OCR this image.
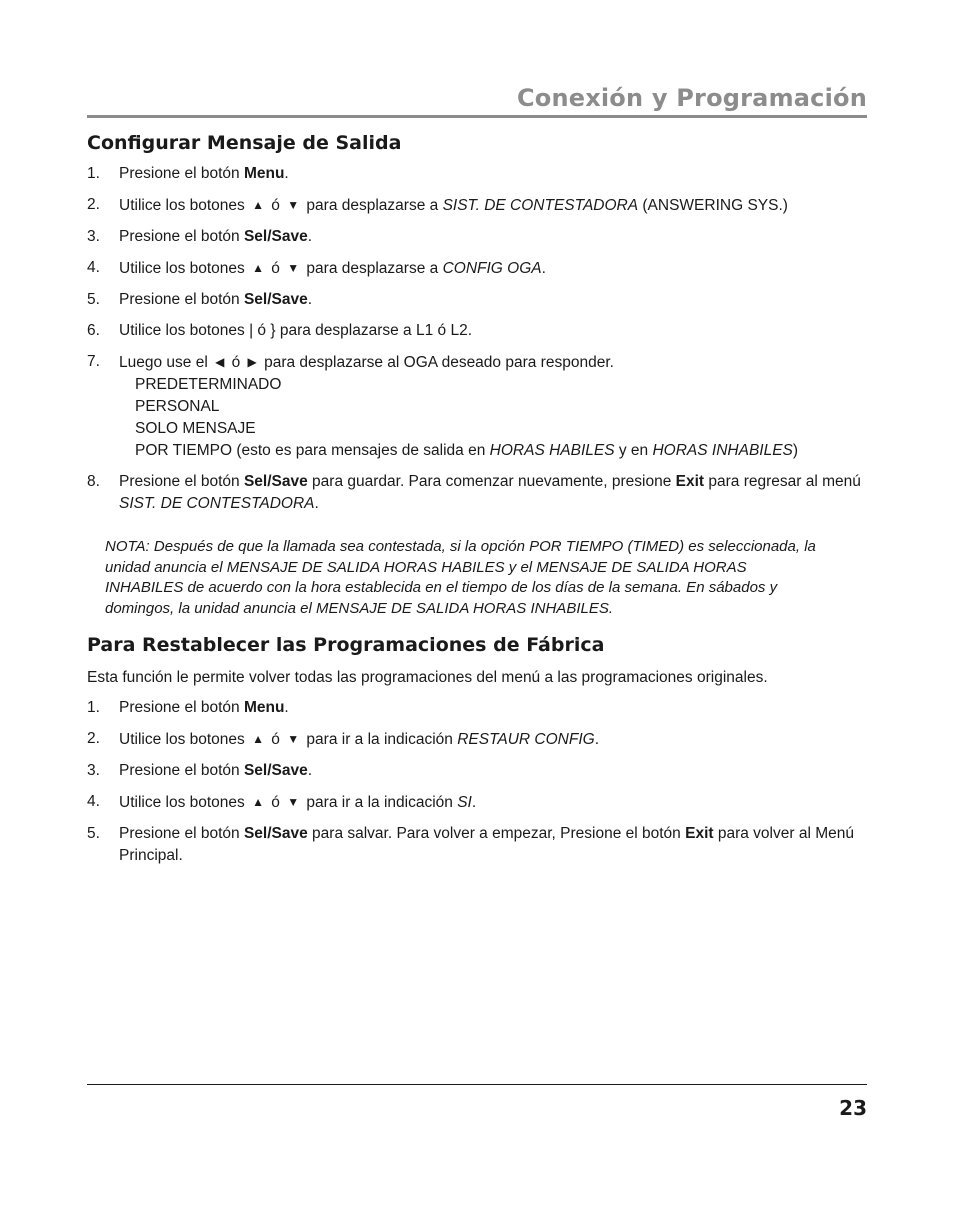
Conexión y Programación
Configurar Mensaje de Salida
1. Presione el botón Menu.
2. Utilice los botones ▲ ó ▼ para desplazarse a SIST. DE CONTESTADORA (ANSWERING SYS.)
3. Presione el botón Sel/Save.
4. Utilice los botones ▲ ó ▼ para desplazarse a CONFIG OGA.
5. Presione el botón Sel/Save.
6. Utilice los botones | ó } para desplazarse a L1 ó L2.
7. Luego use el ◀ ó ▶ para desplazarse al OGA deseado para responder.
PREDETERMINADO
PERSONAL
SOLO MENSAJE
POR TIEMPO (esto es para mensajes de salida en HORAS HABILES y en HORAS INHABILES)
8. Presione el botón Sel/Save para guardar. Para comenzar nuevamente, presione Exit para regresar al menú SIST. DE CONTESTADORA.

NOTA: Después de que la llamada sea contestada, si la opción POR TIEMPO (TIMED) es seleccionada, la unidad anuncia el MENSAJE DE SALIDA HORAS HABILES y el MENSAJE DE SALIDA HORAS INHABILES de acuerdo con la hora establecida en el tiempo de los días de la semana. En sábados y domingos, la unidad anuncia el MENSAJE DE SALIDA HORAS INHABILES.

Para Restablecer las Programaciones de Fábrica

Esta función le permite volver todas las programaciones del menú a las programaciones originales.

1. Presione el botón Menu.
2. Utilice los botones ▲ ó ▼ para ir a la indicación RESTAUR CONFIG.
3. Presione el botón Sel/Save.
4. Utilice los botones ▲ ó ▼ para ir a la indicación SI.
5. Presione el botón Sel/Save para salvar. Para volver a empezar, Presione el botón Exit para volver al Menú Principal.
23
